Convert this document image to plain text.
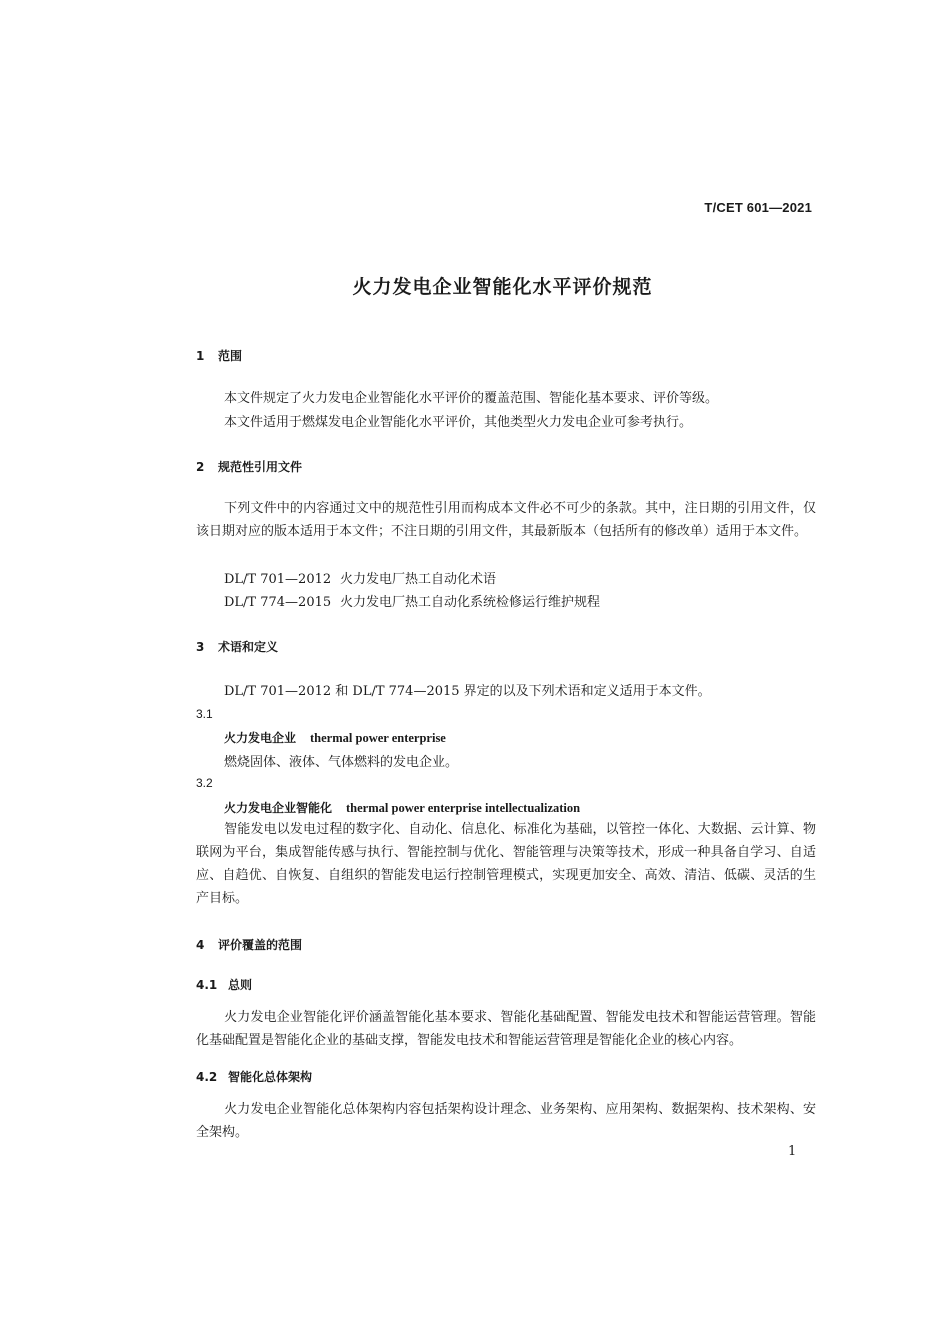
T/CET 601—2021
火力发电企业智能化水平评价规范
1 范围
本文件规定了火力发电企业智能化水平评价的覆盖范围、智能化基本要求、评价等级。
本文件适用于燃煤发电企业智能化水平评价，其他类型火力发电企业可参考执行。
2 规范性引用文件
下列文件中的内容通过文中的规范性引用而构成本文件必不可少的条款。其中，注日期的引用文件，仅该日期对应的版本适用于本文件；不注日期的引用文件，其最新版本（包括所有的修改单）适用于本文件。
DL/T 701—2012 火力发电厂热工自动化术语
DL/T 774—2015 火力发电厂热工自动化系统检修运行维护规程
3 术语和定义
DL/T 701—2012 和 DL/T 774—2015 界定的以及下列术语和定义适用于本文件。
3.1
火力发电企业 thermal power enterprise
燃烧固体、液体、气体燃料的发电企业。
3.2
火力发电企业智能化 thermal power enterprise intellectualization
智能发电以发电过程的数字化、自动化、信息化、标准化为基础，以管控一体化、大数据、云计算、物联网为平台，集成智能传感与执行、智能控制与优化、智能管理与决策等技术，形成一种具备自学习、自适应、自趋优、自恢复、自组织的智能发电运行控制管理模式，实现更加安全、高效、清洁、低碳、灵活的生产目标。
4 评价覆盖的范围
4.1 总则
火力发电企业智能化评价涵盖智能化基本要求、智能化基础配置、智能发电技术和智能运营管理。智能化基础配置是智能化企业的基础支撑，智能发电技术和智能运营管理是智能化企业的核心内容。
4.2 智能化总体架构
火力发电企业智能化总体架构内容包括架构设计理念、业务架构、应用架构、数据架构、技术架构、安全架构。
1
